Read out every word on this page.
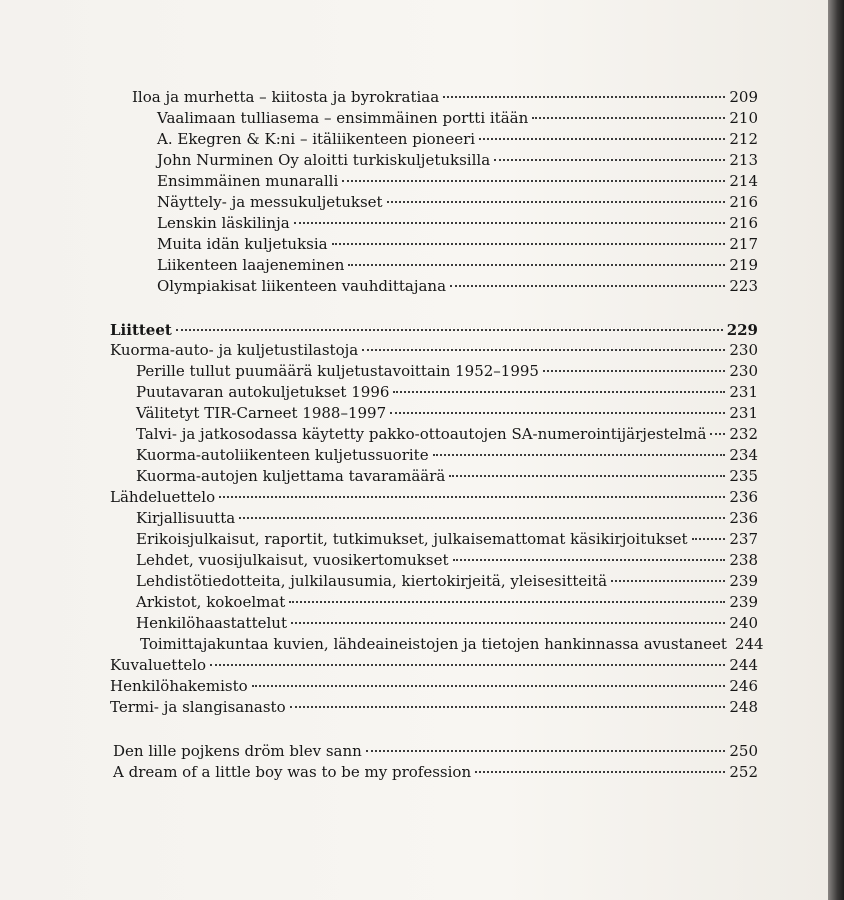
Iloa ja murhetta – kiitosta ja byrokratiaa	209
Vaalimaan tulliasema – ensimmäinen portti itään	210
A. Ekegren & K:ni – itäliikenteen pioneeri	212
John Nurminen Oy aloitti turkiskuljetuksilla	213
Ensimmäinen munaralli	214
Näyttely- ja messukuljetukset	216
Lenskin läskilinja	216
Muita idän kuljetuksia	217
Liikenteen laajeneminen	219
Olympiakisat liikenteen vauhdittajana	223
Liitteet	229
Kuorma-auto- ja kuljetustilastoja	230
Perille tullut puumäärä kuljetustavoittain 1952–1995	230
Puutavaran autokuljetukset 1996	231
Välitetyt TIR-Carneet 1988–1997	231
Talvi- ja jatkosodassa käytetty pakko-ottoautojen SA-numerointijärjestelmä 232
Kuorma-autoliikenteen kuljetussuorite	234
Kuorma-autojen kuljettama tavaramäärä	235
Lähdeluettelo	236
Kirjallisuutta	236
Erikoisjulkaisut, raportit, tutkimukset, julkaisemattomat käsikirjoitukset	237
Lehdet, vuosijulkaisut, vuosikertomukset	238
Lehdistötiedotteita, julkilausumia, kiertokirjeitä, yleisesitteitä	239
Arkistot, kokoelmat	239
Henkilöhaastattelut	240
Toimittajakuntaa kuvien, lähdeaineistojen ja tietojen hankinnassa avustaneet 244
Kuvaluettelo	244
Henkilöhakemisto	246
Termi- ja slangisanasto	248
Den lille pojkens dröm blev sann	250
A dream of a little boy was to be my profession	252
